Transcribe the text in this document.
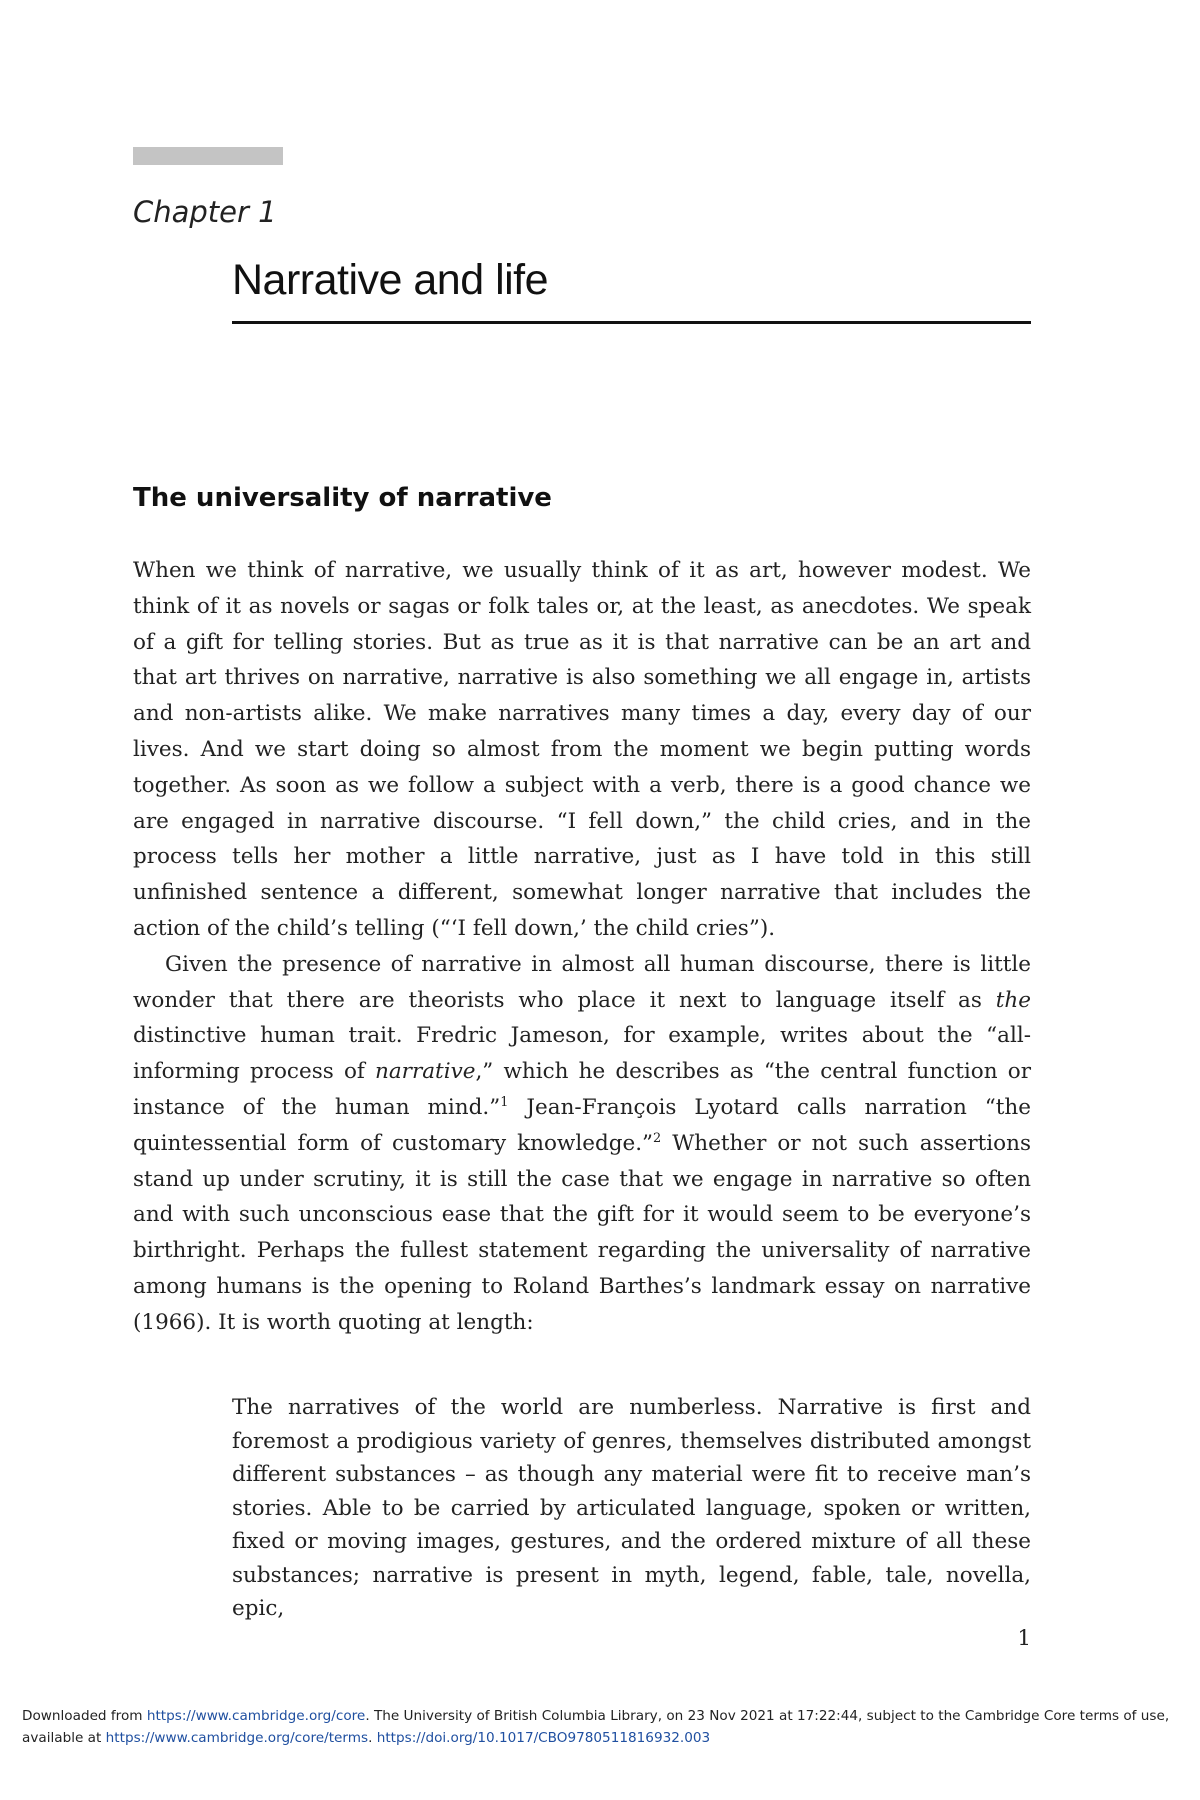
Chapter 1
Narrative and life
The universality of narrative

When we think of narrative, we usually think of it as art, however modest. We think of it as novels or sagas or folk tales or, at the least, as anecdotes. We speak of a gift for telling stories. But as true as it is that narrative can be an art and that art thrives on narrative, narrative is also something we all engage in, artists and non-artists alike. We make narratives many times a day, every day of our lives. And we start doing so almost from the moment we begin putting words together. As soon as we follow a subject with a verb, there is a good chance we are engaged in narrative discourse. “I fell down,” the child cries, and in the process tells her mother a little narrative, just as I have told in this still unfinished sentence a different, somewhat longer narrative that includes the action of the child’s telling (“‘I fell down,’ the child cries”).

Given the presence of narrative in almost all human discourse, there is little wonder that there are theorists who place it next to language itself as the distinctive human trait. Fredric Jameson, for example, writes about the “all-informing process of narrative,” which he describes as “the central function or instance of the human mind.”$^1$ Jean-François Lyotard calls narration “the quintessential form of customary knowledge.”$^2$ Whether or not such assertions stand up under scrutiny, it is still the case that we engage in narrative so often and with such unconscious ease that the gift for it would seem to be everyone’s birthright. Perhaps the fullest statement regarding the universality of narrative among humans is the opening to Roland Barthes’s landmark essay on narrative (1966). It is worth quoting at length:

The narratives of the world are numberless. Narrative is first and foremost a prodigious variety of genres, themselves distributed amongst different substances – as though any material were fit to receive man’s stories. Able to be carried by articulated language, spoken or written, fixed or moving images, gestures, and the ordered mixture of all these substances; narrative is present in myth, legend, fable, tale, novella, epic,

1
Downloaded from https://www.cambridge.org/core. The University of British Columbia Library, on 23 Nov 2021 at 17:22:44, subject to the Cambridge Core terms of use, available at https://www.cambridge.org/core/terms. https://doi.org/10.1017/CBO9780511816932.003
